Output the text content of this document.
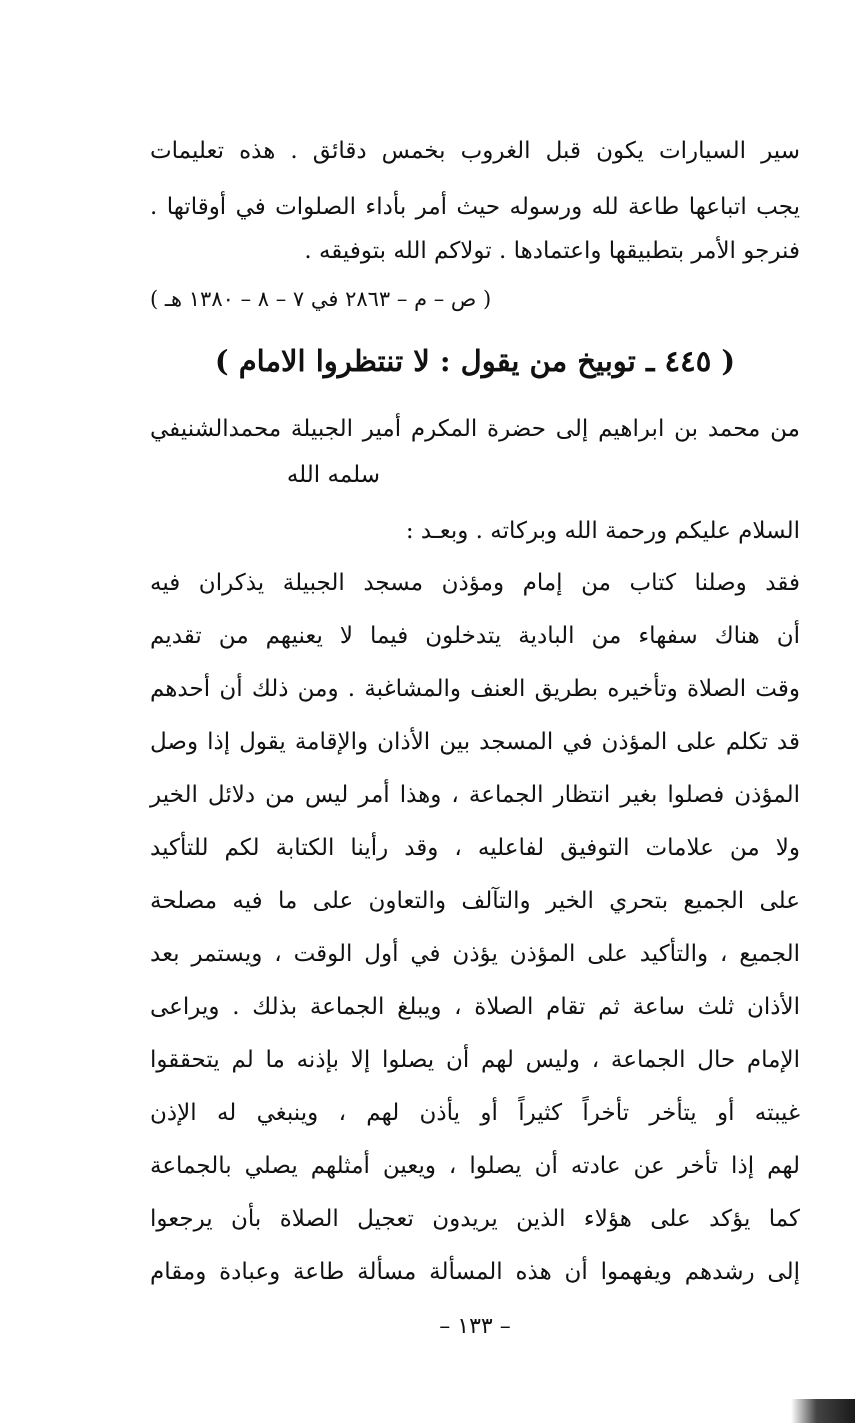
سير السيارات يكون قبل الغروب بخمس دقائق . هذه تعليمات
يجب اتباعها طاعة لله ورسوله حيث أمر بأداء الصلوات في أوقاتها .
فنرجو الأمر بتطبيقها واعتمادها . تولاكم الله بتوفيقه .
( ص – م – ٢٨٦٣ في ٧ – ٨ – ١٣٨٠ هـ )
( ٤٤٥ ـ توبيخ من يقول : لا تنتظروا الامام )
من محمد بن ابراهيم إلى حضرة المكرم أمير الجبيلة محمدالشنيفي
سلمه الله
السلام عليكم ورحمة الله وبركاته . وبعـد :
فقد وصلنا كتاب من إمام ومؤذن مسجد الجبيلة يذكران فيه
أن هناك سفهاء من البادية يتدخلون فيما لا يعنيهم من تقديم
وقت الصلاة وتأخيره بطريق العنف والمشاغبة . ومن ذلك أن أحدهم
قد تكلم على المؤذن في المسجد بين الأذان والإقامة يقول إذا وصل
المؤذن فصلوا بغير انتظار الجماعة ، وهذا أمر ليس من دلائل الخير
ولا من علامات التوفيق لفاعليه ، وقد رأينا الكتابة لكم للتأكيد
على الجميع بتحري الخير والتآلف والتعاون على ما فيه مصلحة
الجميع ، والتأكيد على المؤذن يؤذن في أول الوقت ، ويستمر بعد
الأذان ثلث ساعة ثم تقام الصلاة ، ويبلغ الجماعة بذلك . ويراعى
الإمام حال الجماعة ، وليس لهم أن يصلوا إلا بإذنه ما لم يتحققوا
غيبته أو يتأخر تأخراً كثيراً أو يأذن لهم ، وينبغي له الإذن
لهم إذا تأخر عن عادته أن يصلوا ، ويعين أمثلهم يصلي بالجماعة
كما يؤكد على هؤلاء الذين يريدون تعجيل الصلاة بأن يرجعوا
إلى رشدهم ويفهموا أن هذه المسألة مسألة طاعة وعبادة ومقام
– ١٣٣ –
